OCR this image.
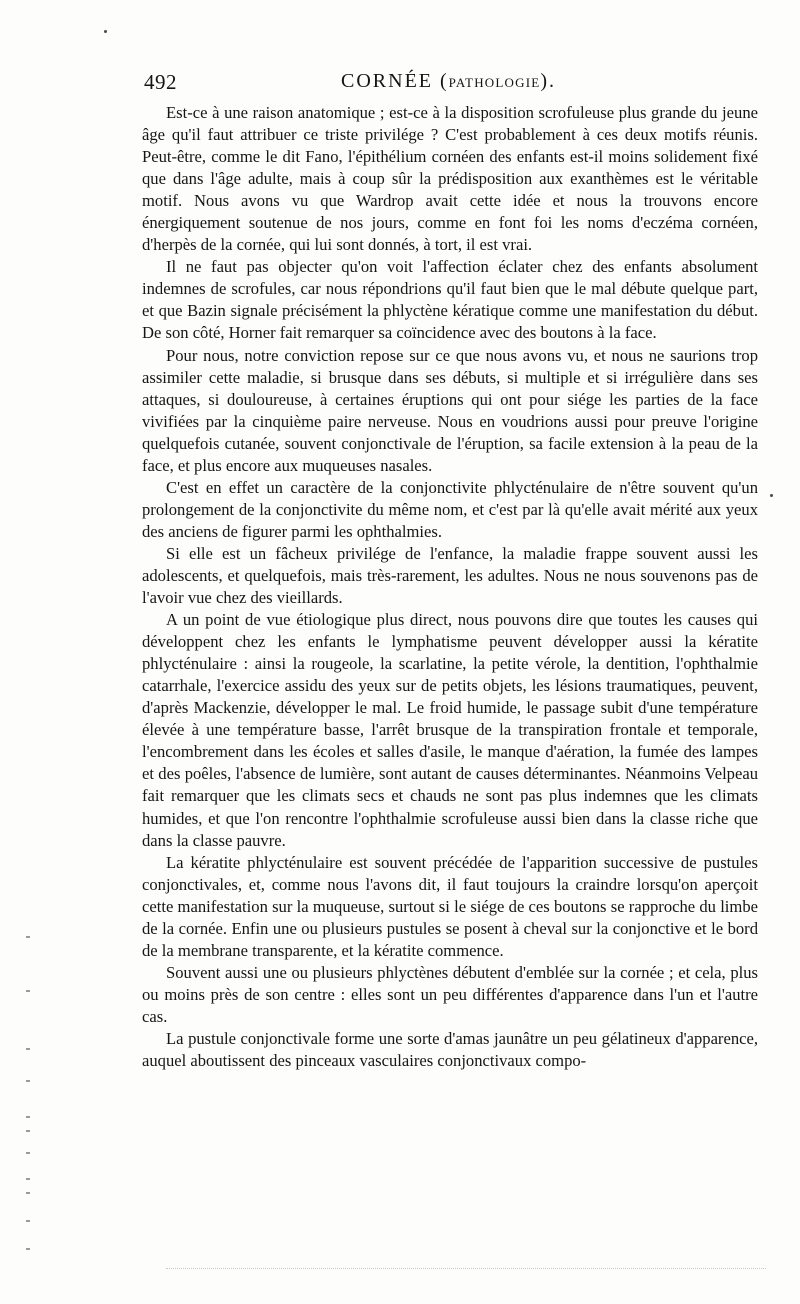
492	CORNÉE (PATHOLOGIE).

Est-ce à une raison anatomique ; est-ce à la disposition scrofuleuse plus grande du jeune âge qu'il faut attribuer ce triste privilége ? C'est probablement à ces deux motifs réunis. Peut-être, comme le dit Fano, l'épithélium cornéen des enfants est-il moins solidement fixé que dans l'âge adulte, mais à coup sûr la prédisposition aux exanthèmes est le véritable motif. Nous avons vu que Wardrop avait cette idée et nous la trouvons encore énergiquement soutenue de nos jours, comme en font foi les noms d'eczéma cornéen, d'herpès de la cornée, qui lui sont donnés, à tort, il est vrai.

Il ne faut pas objecter qu'on voit l'affection éclater chez des enfants absolument indemnes de scrofules, car nous répondrions qu'il faut bien que le mal débute quelque part, et que Bazin signale précisément la phlyctène kératique comme une manifestation du début. De son côté, Horner fait remarquer sa coïncidence avec des boutons à la face.

Pour nous, notre conviction repose sur ce que nous avons vu, et nous ne saurions trop assimiler cette maladie, si brusque dans ses débuts, si multiple et si irrégulière dans ses attaques, si douloureuse, à certaines éruptions qui ont pour siége les parties de la face vivifiées par la cinquième paire nerveuse. Nous en voudrions aussi pour preuve l'origine quelquefois cutanée, souvent conjonctivale de l'éruption, sa facile extension à la peau de la face, et plus encore aux muqueuses nasales.

C'est en effet un caractère de la conjonctivite phlycténulaire de n'être souvent qu'un prolongement de la conjonctivite du même nom, et c'est par là qu'elle avait mérité aux yeux des anciens de figurer parmi les ophthalmies.

Si elle est un fâcheux privilége de l'enfance, la maladie frappe souvent aussi les adolescents, et quelquefois, mais très-rarement, les adultes. Nous ne nous souvenons pas de l'avoir vue chez des vieillards.

A un point de vue étiologique plus direct, nous pouvons dire que toutes les causes qui développent chez les enfants le lymphatisme peuvent développer aussi la kératite phlycténulaire : ainsi la rougeole, la scarlatine, la petite vérole, la dentition, l'ophthalmie catarrhale, l'exercice assidu des yeux sur de petits objets, les lésions traumatiques, peuvent, d'après Mackenzie, développer le mal. Le froid humide, le passage subit d'une température élevée à une température basse, l'arrêt brusque de la transpiration frontale et temporale, l'encombrement dans les écoles et salles d'asile, le manque d'aération, la fumée des lampes et des poêles, l'absence de lumière, sont autant de causes déterminantes. Néanmoins Velpeau fait remarquer que les climats secs et chauds ne sont pas plus indemnes que les climats humides, et que l'on rencontre l'ophthalmie scrofuleuse aussi bien dans la classe riche que dans la classe pauvre.

La kératite phlycténulaire est souvent précédée de l'apparition successive de pustules conjonctivales, et, comme nous l'avons dit, il faut toujours la craindre lorsqu'on aperçoit cette manifestation sur la muqueuse, surtout si le siége de ces boutons se rapproche du limbe de la cornée. Enfin une ou plusieurs pustules se posent à cheval sur la conjonctive et le bord de la membrane transparente, et la kératite commence.

Souvent aussi une ou plusieurs phlyctènes débutent d'emblée sur la cornée ; et cela, plus ou moins près de son centre : elles sont un peu différentes d'apparence dans l'un et l'autre cas.

La pustule conjonctivale forme une sorte d'amas jaunâtre un peu gélatineux d'apparence, auquel aboutissent des pinceaux vasculaires conjonctivaux compo-
